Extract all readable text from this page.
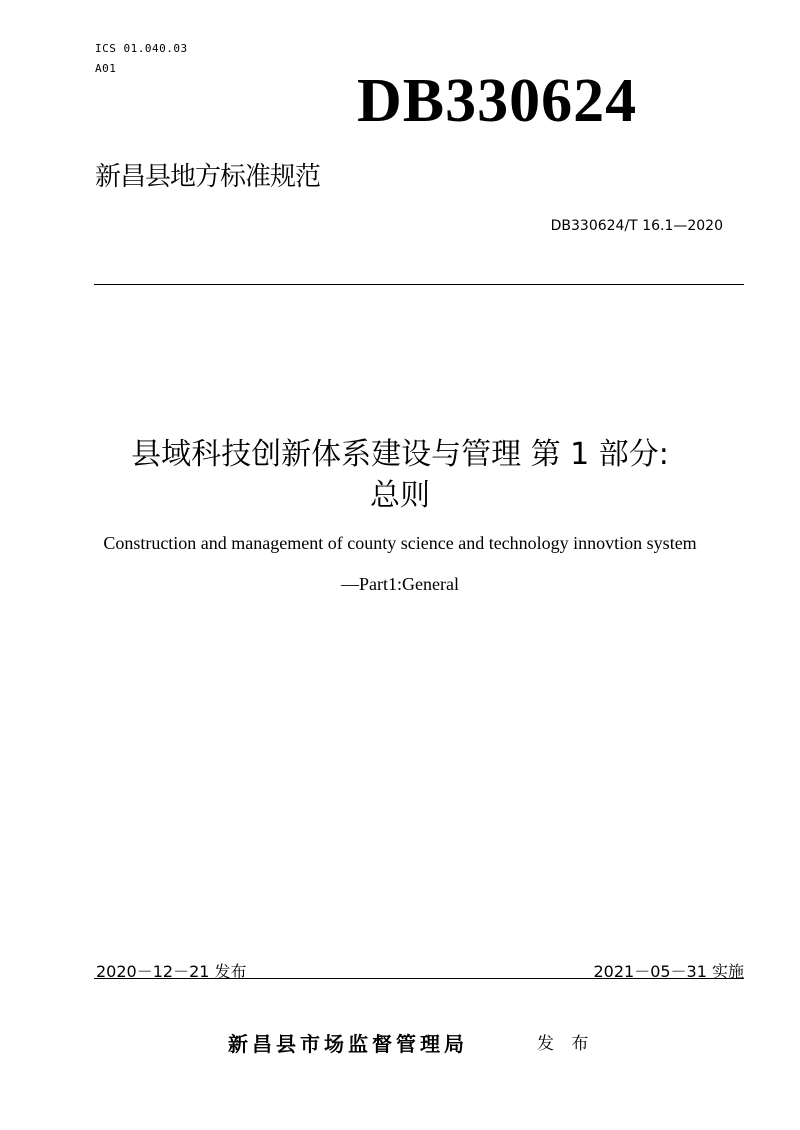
ICS 01.040.03
A01	DB330624
新昌县地方标准规范
DB330624/T 16.1—2020
县域科技创新体系建设与管理 第 1 部分:
总则
Construction and management of county science and technology innovtion system
—Part1:General
2020－12－21 发布	2021－05－31 实施
新昌县市场监督管理局	发 布
